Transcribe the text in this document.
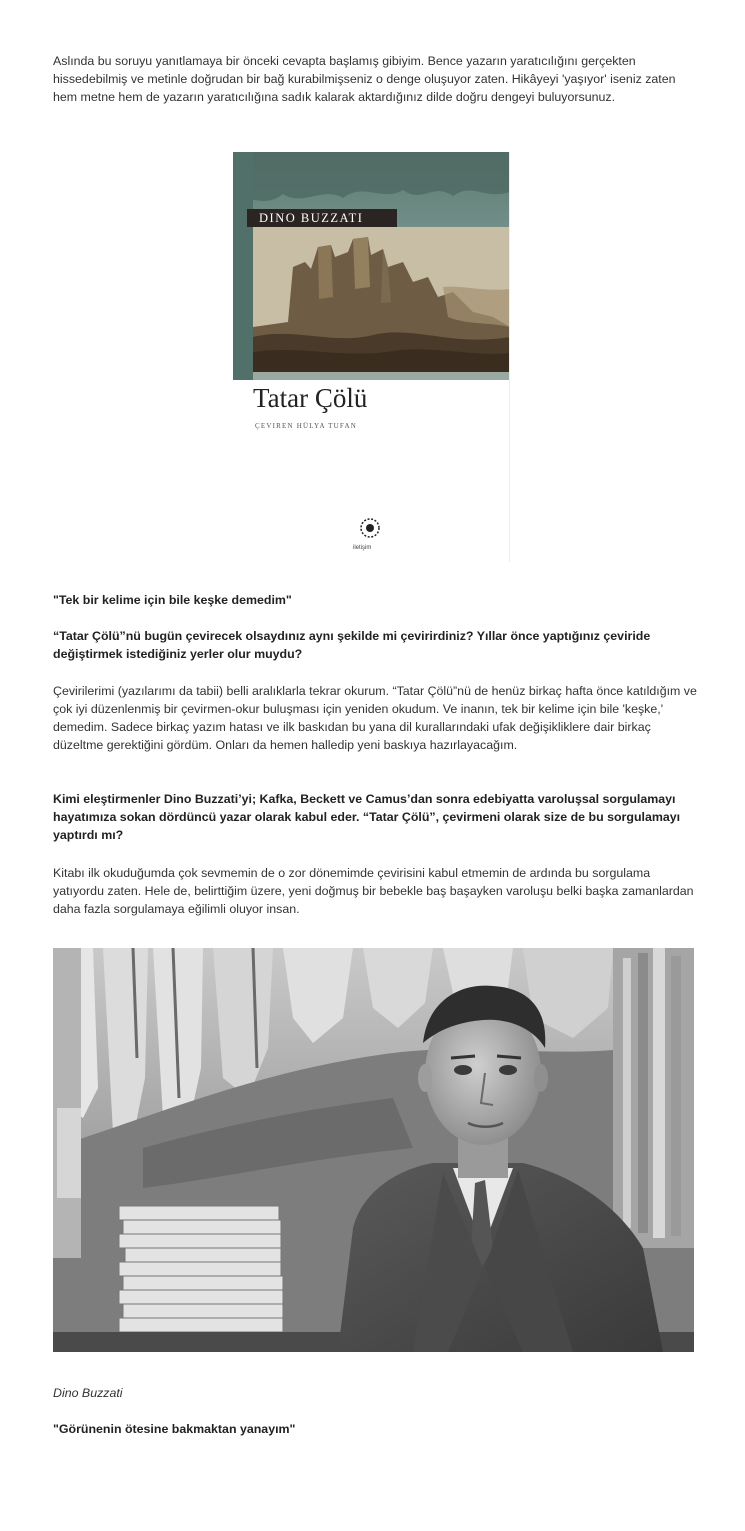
Aslında bu soruyu yanıtlamaya bir önceki cevapta başlamış gibiyim. Bence yazarın yaratıcılığını gerçekten hissedebilmiş ve metinle doğrudan bir bağ kurabilmişseniz o denge oluşuyor zaten. Hikâyeyi 'yaşıyor' iseniz zaten hem metne hem de yazarın yaratıcılığına sadık kalarak aktardığınız dilde doğru dengeyi buluyorsunuz.

DINO BUZZATI
Tatar Çölü
ÇEVIREN HÜLYA TUFAN
iletişim

"Tek bir kelime için bile keşke demedim"

“Tatar Çölü”nü bugün çevirecek olsaydınız aynı şekilde mi çevirirdiniz? Yıllar önce yaptığınız çeviride değiştirmek istediğiniz yerler olur muydu?

Çevirilerimi (yazılarımı da tabii) belli aralıklarla tekrar okurum. “Tatar Çölü”nü de henüz birkaç hafta önce katıldığım ve çok iyi düzenlenmiş bir çevirmen-okur buluşması için yeniden okudum. Ve inanın, tek bir kelime için bile 'keşke,' demedim. Sadece birkaç yazım hatası ve ilk baskıdan bu yana dil kurallarındaki ufak değişikliklere dair birkaç düzeltme gerektiğini gördüm. Onları da hemen halledip yeni baskıya hazırlayacağım.

Kimi eleştirmenler Dino Buzzati’yi; Kafka, Beckett ve Camus’dan sonra edebiyatta varoluşsal sorgulamayı hayatımıza sokan dördüncü yazar olarak kabul eder. “Tatar Çölü”, çevirmeni olarak size de bu sorgulamayı yaptırdı mı?

Kitabı ilk okuduğumda çok sevmemin de o zor dönemimde çevirisini kabul etmemin de ardında bu sorgulama yatıyordu zaten. Hele de, belirttiğim üzere, yeni doğmuş bir bebekle baş başayken varoluşu belki başka zamanlardan daha fazla sorgulamaya eğilimli oluyor insan.

Dino Buzzati

"Görünenin ötesine bakmaktan yanayım"
